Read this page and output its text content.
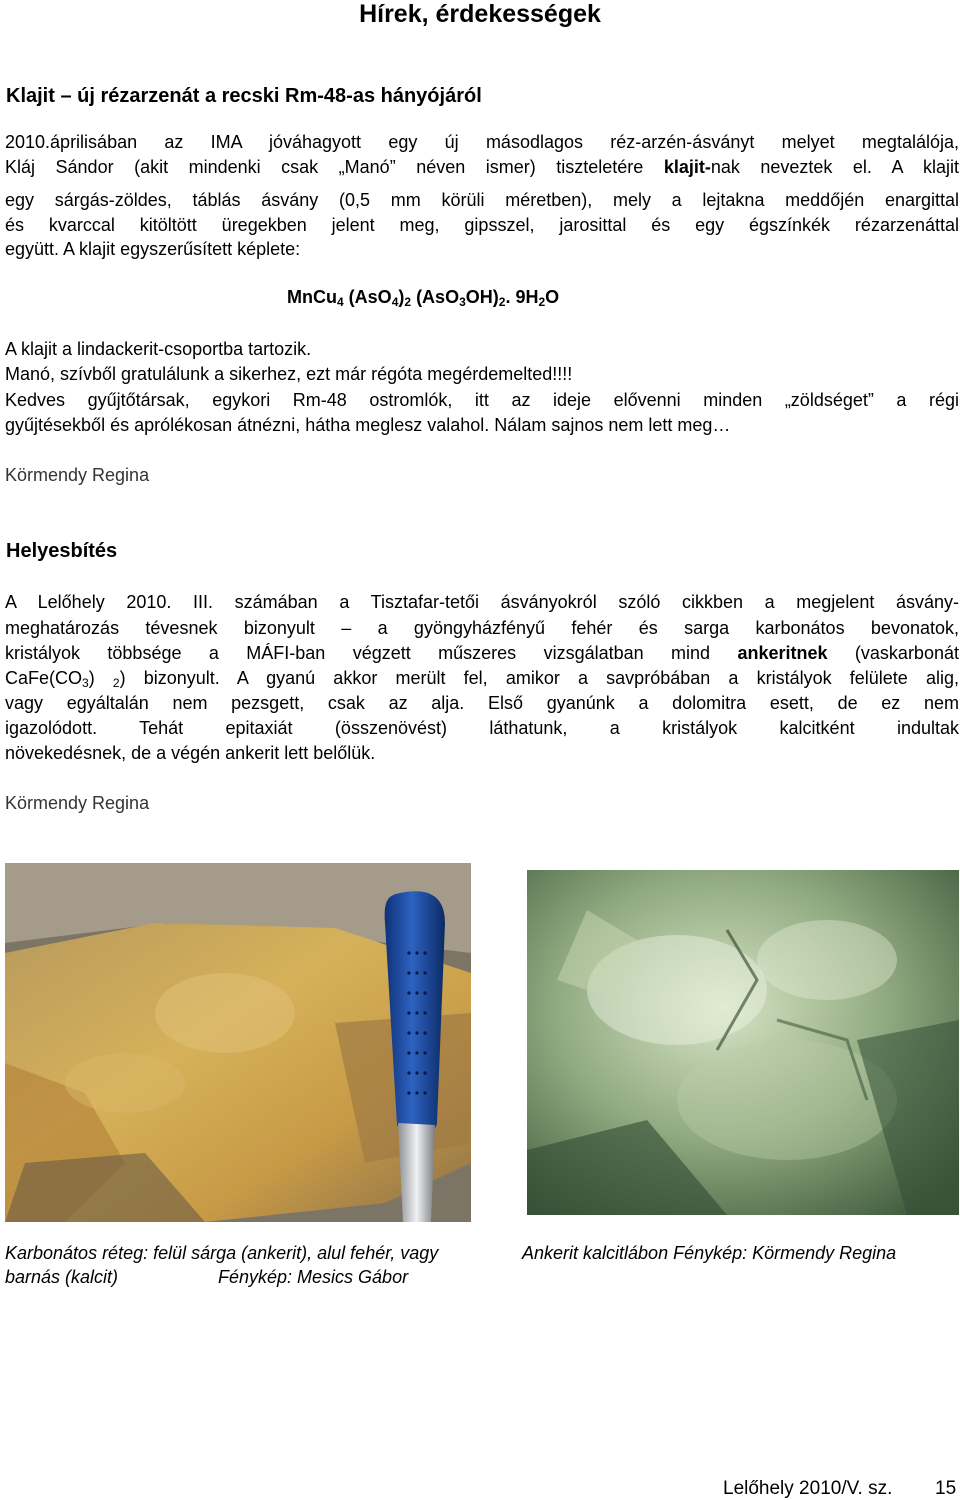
Hírek, érdekességek
Klajit – új rézarzenát a recski Rm-48-as hányójáról
2010.áprilisában az IMA jóváhagyott egy új másodlagos réz-arzén-ásványt melyet megtalálója,
Kláj Sándor (akit mindenki csak „Manó” néven ismer) tiszteletére klajit-nak neveztek el. A klajit
egy sárgás-zöldes, táblás ásvány (0,5 mm körüli méretben), mely a lejtakna meddőjén enargittal
és kvarccal kitöltött üregekben jelent meg, gipsszel, jarosittal és egy égszínkék rézarzenáttal
együtt. A klajit egyszerűsített képlete:
MnCu$_4$ $(AsO_4)_2$ $(AsO_3OH)_2$. $9H_2O$
A klajit a lindackerit-csoportba tartozik.
Manó, szívből gratulálunk a sikerhez, ezt már régóta megérdemelted!!!!
Kedves gyűjtőtársak, egykori Rm-48 ostromlók, itt az ideje elővenni minden „zöldséget” a régi
gyűjtésekből és aprólékosan átnézni, hátha meglesz valahol. Nálam sajnos nem lett meg…
Körmendy Regina
Helyesbítés
A Lelőhely 2010. III. számában a Tisztafar-tetői ásványokról szóló cikkben a megjelent ásvány-
meghatározás tévesnek bizonyult – a gyöngyházfényű fehér és sarga karbonátos bevonatok,
kristályok többsége a MÁFI-ban végzett műszeres vizsgálatban mind ankeritnek (vaskarbonát
$CaFe(CO_3)$ $_2$) bizonyult. A gyanú akkor merült fel, amikor a savpróbában a kristályok felülete alig,
vagy egyáltalán nem pezsgett, csak az alja. Első gyanúnk a dolomitra esett, de ez nem
igazolódott. Tehát epitaxiát (összenövést) láthatunk, a kristályok kalcitként indultak
növekedésnek, de a végén ankerit lett belőlük.
Körmendy Regina
Karbonátos réteg: felül sárga (ankerit), alul fehér, vagy
barnás (kalcit)	Fénykép: Mesics Gábor
Ankerit kalcitlábon Fénykép: Körmendy Regina
Lelőhely 2010/V. sz. 15
